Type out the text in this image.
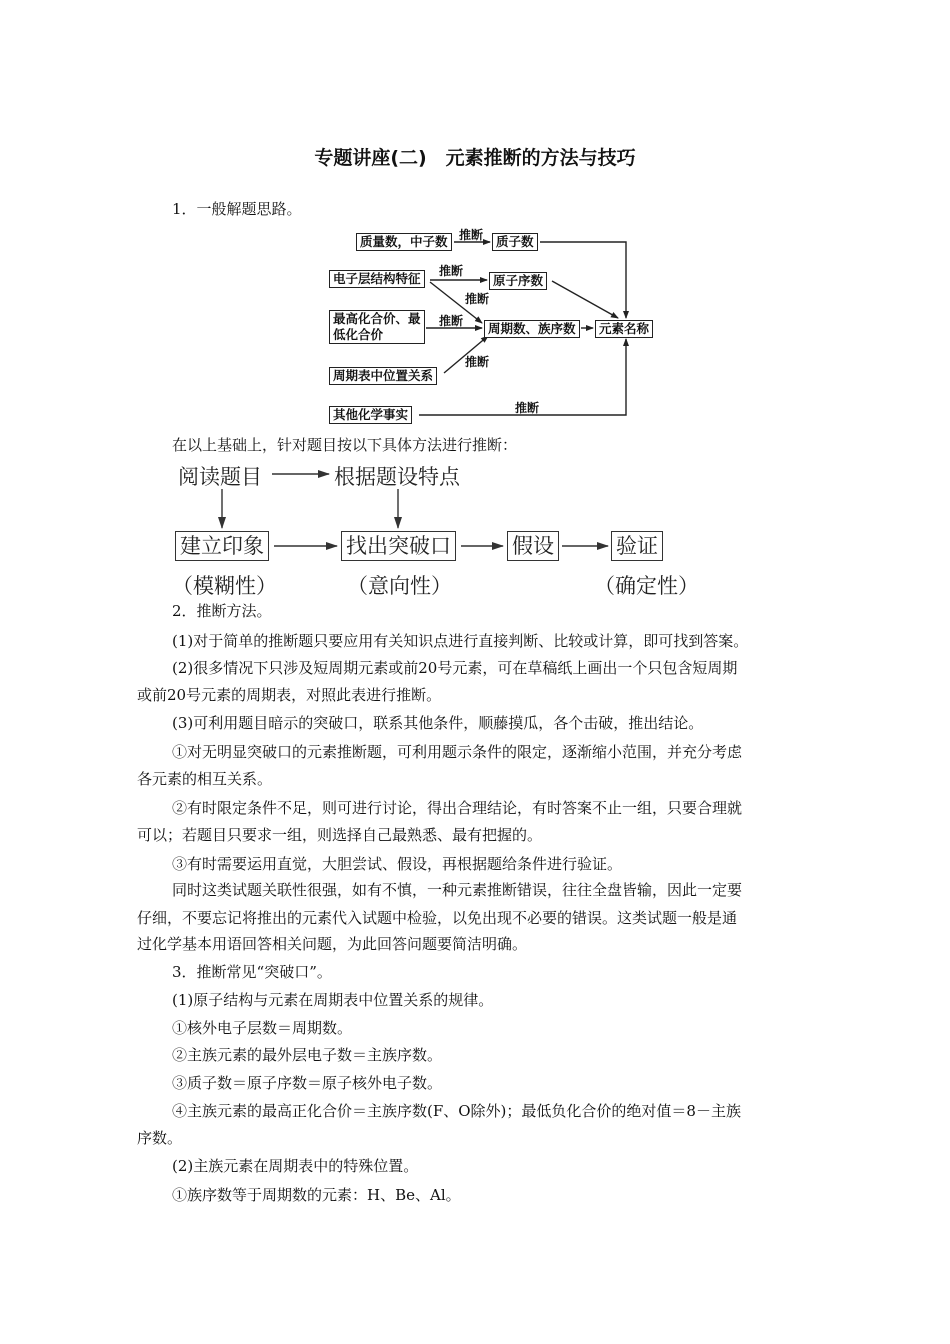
专题讲座(二)　元素推断的方法与技巧
1．一般解题思路。
质量数，中子数	质子数
电子层结构特征	原子序数
最高化合价、最
低化合价	周期数、族序数	元素名称
周期表中位置关系
其他化学事实
推断
推断
推断
推断
推断
推断
在以上基础上，针对题目按以下具体方法进行推断：
阅读题目	根据题设特点
建立印象	找出突破口	假设	验证
（模糊性）	（意向性）	（确定性）
2．推断方法。
(1)对于简单的推断题只要应用有关知识点进行直接判断、比较或计算，即可找到答案。
(2)很多情况下只涉及短周期元素或前20号元素，可在草稿纸上画出一个只包含短周期
或前20号元素的周期表，对照此表进行推断。
(3)可利用题目暗示的突破口，联系其他条件，顺藤摸瓜，各个击破，推出结论。
①对无明显突破口的元素推断题，可利用题示条件的限定，逐渐缩小范围，并充分考虑
各元素的相互关系。
②有时限定条件不足，则可进行讨论，得出合理结论，有时答案不止一组，只要合理就
可以；若题目只要求一组，则选择自己最熟悉、最有把握的。
③有时需要运用直觉，大胆尝试、假设，再根据题给条件进行验证。
同时这类试题关联性很强，如有不慎，一种元素推断错误，往往全盘皆输，因此一定要
仔细，不要忘记将推出的元素代入试题中检验，以免出现不必要的错误。这类试题一般是通
过化学基本用语回答相关问题，为此回答问题要简洁明确。
3．推断常见“突破口”。
(1)原子结构与元素在周期表中位置关系的规律。
①核外电子层数＝周期数。
②主族元素的最外层电子数＝主族序数。
③质子数＝原子序数＝原子核外电子数。
④主族元素的最高正化合价＝主族序数(F、O除外)；最低负化合价的绝对值＝8－主族
序数。
(2)主族元素在周期表中的特殊位置。
①族序数等于周期数的元素：H、Be、Al。
